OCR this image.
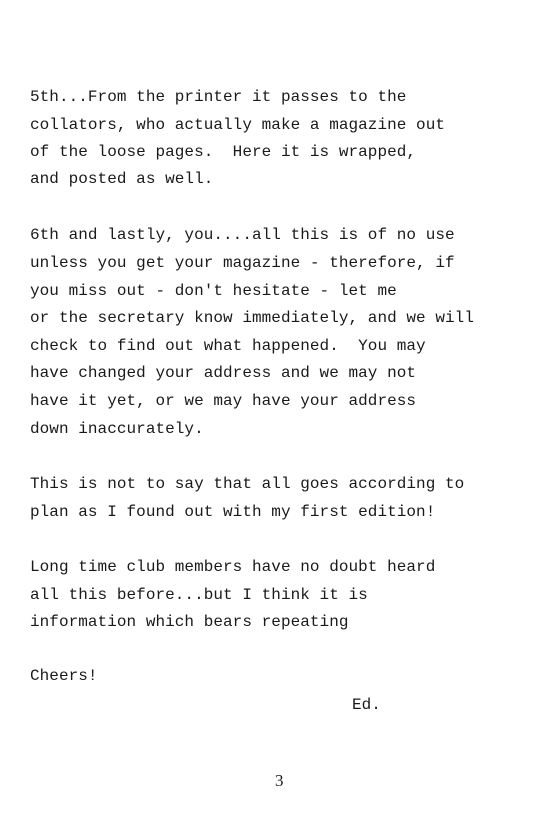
5th...From the printer it passes to the
collators, who actually make a magazine out
of the loose pages.  Here it is wrapped,
and posted as well.
6th and lastly, you....all this is of no use
unless you get your magazine - therefore, if
you miss out - don't hesitate - let me
or the secretary know immediately, and we will
check to find out what happened.  You may
have changed your address and we may not
have it yet, or we may have your address
down inaccurately.
This is not to say that all goes according to
plan as I found out with my first edition!
Long time club members have no doubt heard
all this before...but I think it is
information which bears repeating
Cheers!
Ed.
3
